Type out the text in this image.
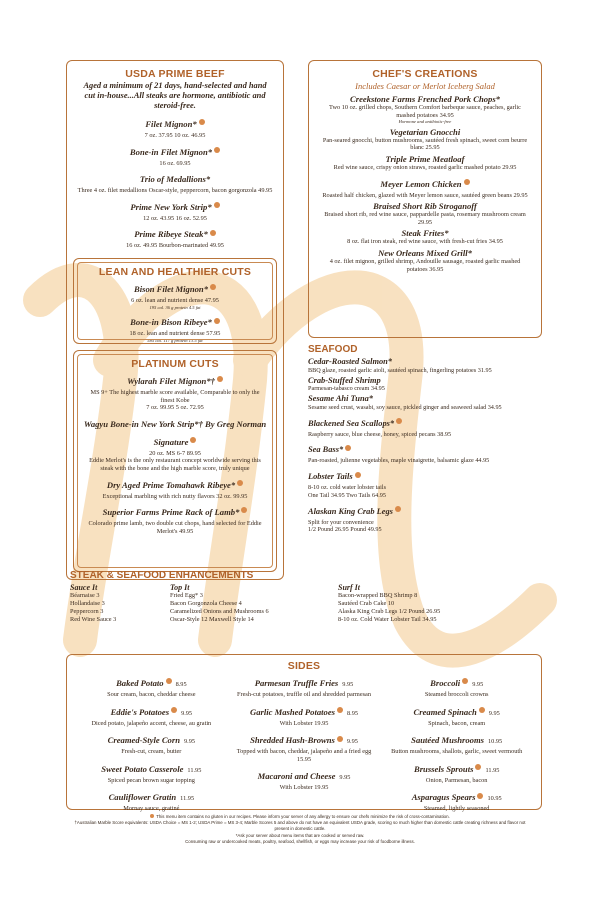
USDA PRIME BEEF
Aged a minimum of 21 days, hand-selected and hand cut in-house...All steaks are hormone, antibiotic and steroid-free.
Filet Mignon*
7 oz. 37.95 10 oz. 46.95
Bone-in Filet Mignon*
16 oz. 69.95
Trio of Medallions*
Three 4 oz. filet medallions Oscar-style, peppercorn, bacon gorgonzola 49.95
Prime New York Strip*
12 oz. 43.95 16 oz. 52.95
Prime Ribeye Steak*
16 oz. 49.95 Bourbon-marinated 49.95
LEAN AND HEALTHIER CUTS
Bison Filet Mignon*
6 oz. lean and nutrient dense 47.95
195 cal. 36 g protein 4.5 fat
Bone-in Bison Ribeye*
18 oz. lean and nutrient dense 57.95
585 cal. 117 g protein 13.5 fat
PLATINUM CUTS
Wylarah Filet Mignon*†
MS 9+ The highest marble score available, Comparable to only the finest Kobe
7 oz. 99.95 5 oz. 72.95
Wagyu Bone-in New York Strip*† By Greg Norman Signature
20 oz. MS 6-7 89.95
Eddie Merlot's is the only restaurant concept worldwide serving this steak with the bone and the high marble score, truly unique
Dry Aged Prime Tomahawk Ribeye*
Exceptional marbling with rich nutty flavors 32 oz. 99.95
Superior Farms Prime Rack of Lamb*
Colorado prime lamb, two double cut chops, hand selected for Eddie Merlot's 49.95
CHEF'S CREATIONS
Includes Caesar or Merlot Iceberg Salad
Creekstone Farms Frenched Pork Chops*
Two 10 oz. grilled chops, Southern Comfort barbeque sauce, peaches, garlic mashed potatoes 34.95
Hormone and antibiotic-free
Vegetarian Gnocchi
Pan-seared gnocchi, button mushrooms, sautéed fresh spinach, sweet corn beurre blanc 25.95
Triple Prime Meatloaf
Red wine sauce, crispy onion straws, roasted garlic mashed potato 29.95
Meyer Lemon Chicken
Roasted half chicken, glazed with Meyer lemon sauce, sautéed green beans 29.95
Braised Short Rib Stroganoff
Braised short rib, red wine sauce, pappardelle pasta, rosemary mushroom cream 29.95
Steak Frites*
8 oz. flat iron steak, red wine sauce, with fresh-cut fries 34.95
New Orleans Mixed Grill*
4 oz. filet mignon, grilled shrimp, Andouille sausage, roasted garlic mashed potatoes 36.95
SEAFOOD
Cedar-Roasted Salmon*
BBQ glaze, roasted garlic aioli, sautéed spinach, fingerling potatoes 31.95
Crab-Stuffed Shrimp
Parmesan-tabasco cream 34.95
Sesame Ahi Tuna*
Sesame seed crust, wasabi, soy sauce, pickled ginger and seaweed salad 34.95
Blackened Sea Scallops*
Raspberry sauce, blue cheese, honey, spiced pecans 38.95
Sea Bass*
Pan-roasted, julienne vegetables, maple vinaigrette, balsamic glaze 44.95
Lobster Tails
8-10 oz. cold water lobster tails
One Tail 34.95 Two Tails 64.95
Alaskan King Crab Legs
Split for your convenience
1/2 Pound 26.95 Pound 49.95
STEAK & SEAFOOD ENHANCEMENTS
Sauce It
Béarnaise 3
Hollandaise 3
Peppercorn 3
Red Wine Sauce 3
Top It
Fried Egg* 3
Bacon Gorgonzola Cheese 4
Caramelized Onions and Mushrooms 6
Oscar-Style 12 Maxwell Style 14
Surf It
Bacon-wrapped BBQ Shrimp 8
Sautéed Crab Cake 10
Alaska King Crab Legs 1/2 Pound 26.95
8-10 oz. Cold Water Lobster Tail 34.95
SIDES
Baked Potato 8.95
Sour cream, bacon, cheddar cheese
Eddie's Potatoes 9.95
Diced potato, jalapeño accent, cheese, au gratin
Creamed-Style Corn 9.95
Fresh-cut, cream, butter
Sweet Potato Casserole 11.95
Spiced pecan brown sugar topping
Cauliflower Gratin 11.95
Mornay sauce, gratiné
Parmesan Truffle Fries 9.95
Fresh-cut potatoes, truffle oil and shredded parmesan
Garlic Mashed Potatoes 8.95
With Lobster 19.95
Shredded Hash-Browns 9.95
Topped with bacon, cheddar, jalapeño and a fried egg 15.95
Macaroni and Cheese 9.95
With Lobster 19.95
Broccoli 9.95
Steamed broccoli crowns
Creamed Spinach 9.95
Spinach, bacon, cream
Sautéed Mushrooms 10.95
Button mushrooms, shallots, garlic, sweet vermouth
Brussels Sprouts 11.95
Onion, Parmesan, bacon
Asparagus Spears 10.95
Steamed, lightly seasoned
This menu item contains no gluten in our recipes. Please inform your server of any allergy to ensure our chefs minimize the risk of cross-contamination.
†Australian Marble Score equivalents: USDA Choice = MS 1-2; USDA Prime = MS 3-4; Marble Scores 5 and above do not have an equivalent USDA grade, scoring so much higher than domestic cattle creating richness and flavor not present in domestic cattle.
*Ask your server about menu items that are cooked or served raw.
Consuming raw or undercooked meats, poultry, seafood, shellfish, or eggs may increase your risk of foodborne illness.
